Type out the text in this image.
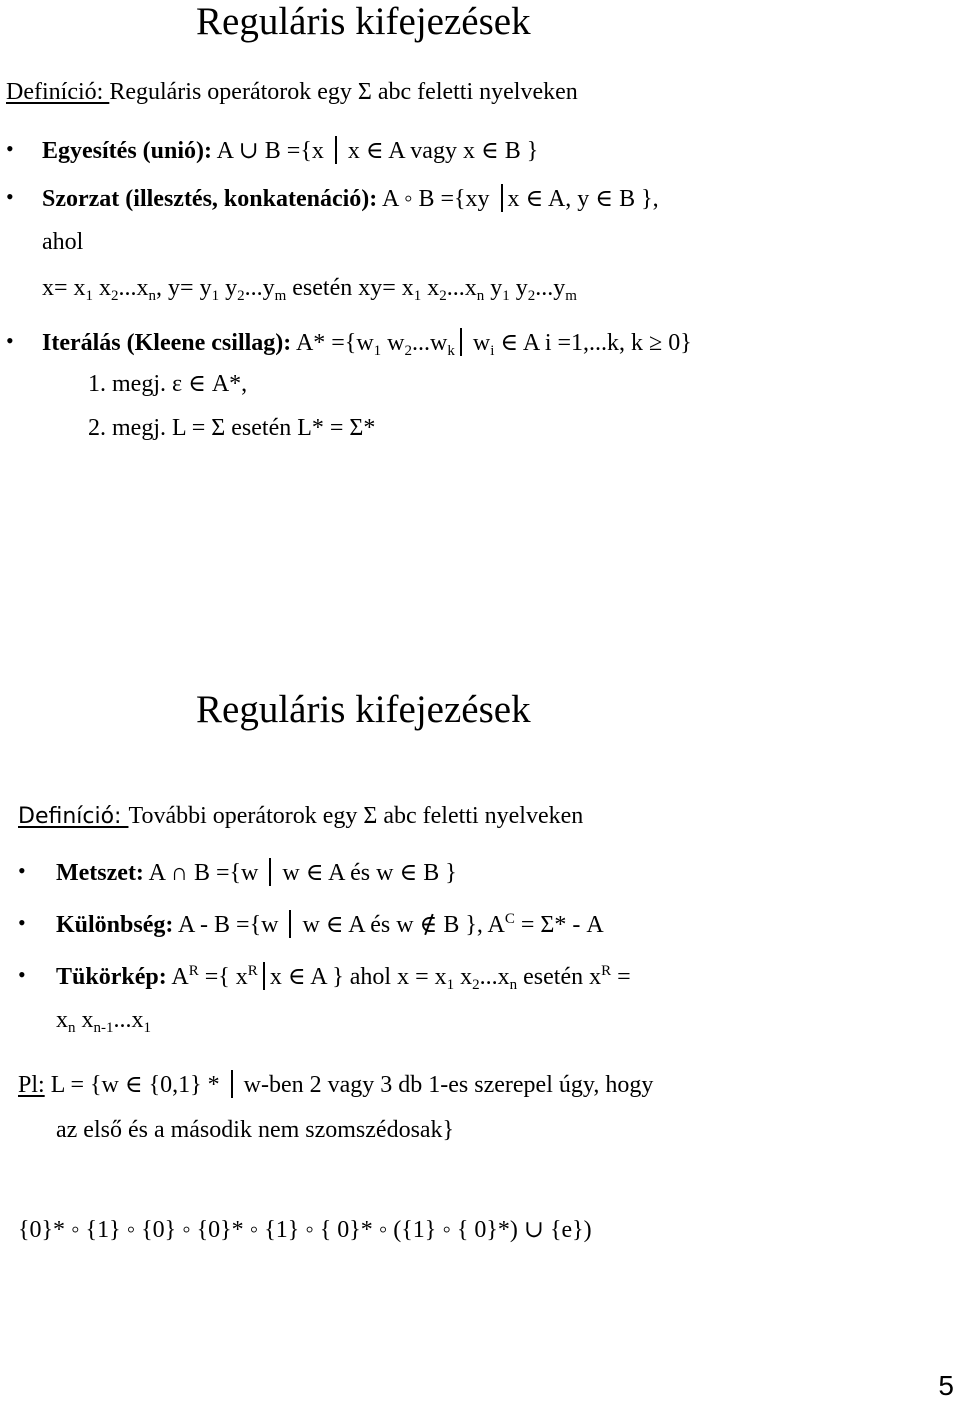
Reguláris kifejezések
Definíció: Reguláris operátorok egy Σ abc feletti nyelveken
• Egyesítés (unió): A ∪ B ={x  x ∈ A vagy x ∈ B }
• Szorzat (illesztés, konkatenáció): A ◦ B ={xy x ∈ A, y ∈ B },
ahol
$x= x_1$ $x_2...x_n$, $y= y_1$ $y_2...y_m$ esetén $xy= x_1$ $x_2...x_n$ $y_1$ $y_2...y_m$
• Iterálás (Kleene csillag): $A* =\{w_1$ $w_2...w_k$ $w_i$ ∈ A i =1,...k, k ≥ 0}
1. megj. ε ∈ A*,
2. megj. L = Σ esetén L* = Σ*
Reguláris kifejezések
Definíció: További operátorok egy Σ abc feletti nyelveken
• Metszet: A ∩ B ={w  w ∈ A és w ∈ B }
• Különbség: A - B ={w  w ∈ A és w ∉ B }, $A^C = \Sigma* - A$
• Tükörkép: $A^R$ ={ $x^R$ x ∈ A } ahol $x = x_1$ $x_2...x_n$ esetén $x^R$ =
$x_n$ $x_{n-1}...x_1$
Pl: L = {w ∈ {0,1} *  w-ben 2 vagy 3 db 1-es szerepel úgy, hogy
az első és a második nem szomszédosak}
{0}* ◦ {1} ◦ {0} ◦ {0}* ◦ {1} ◦ { 0}* ◦ ({1} ◦ { 0}*) ∪ {e})
5
